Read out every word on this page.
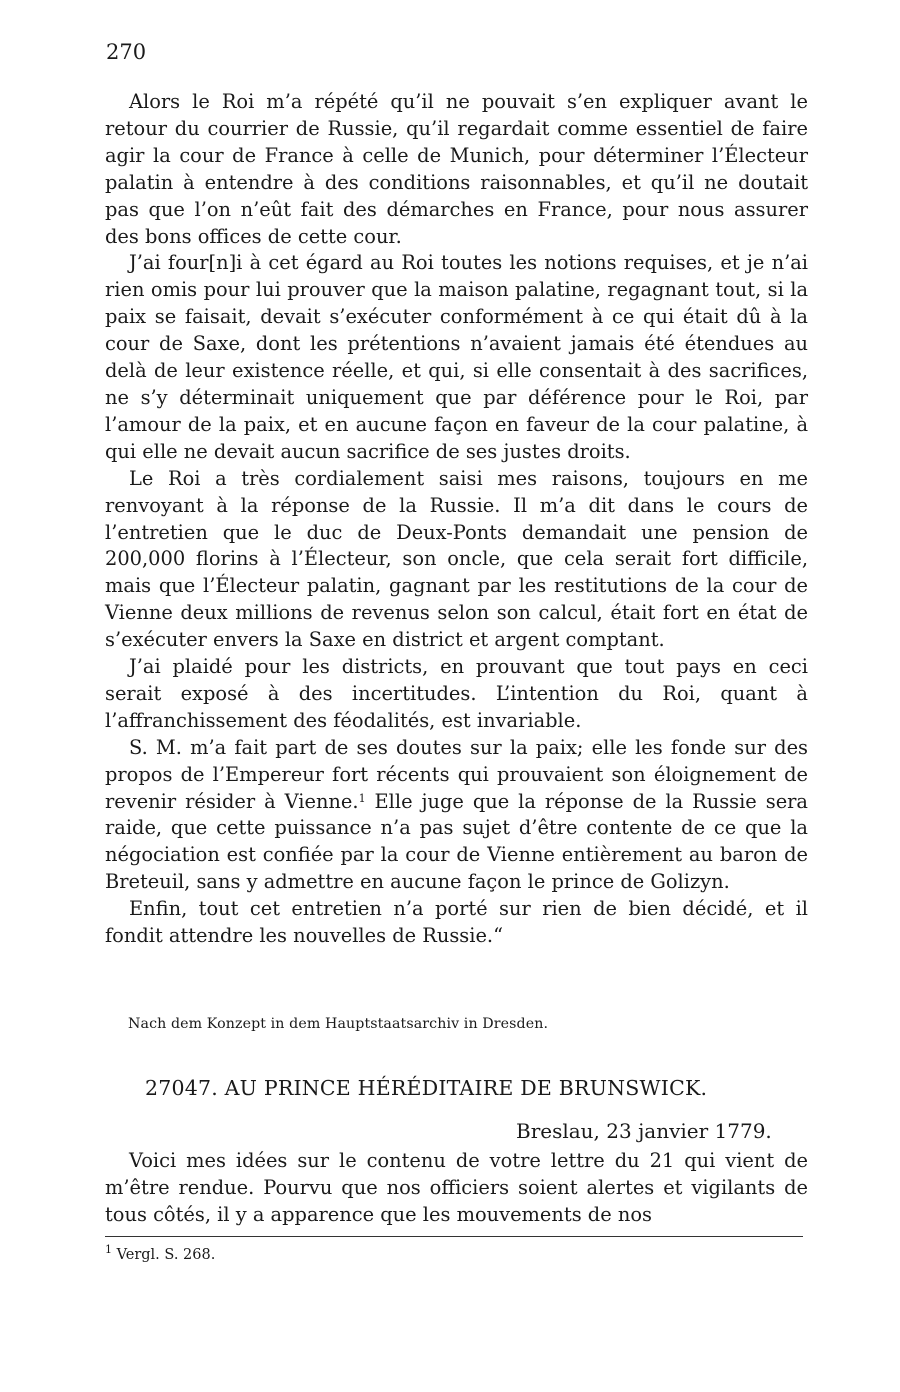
270

Alors le Roi m’a répété qu’il ne pouvait s’en expliquer avant le retour du courrier de Russie, qu’il regardait comme essentiel de faire agir la cour de France à celle de Munich, pour déterminer l’Électeur palatin à entendre à des conditions raisonnables, et qu’il ne doutait pas que l’on n’eût fait des démarches en France, pour nous assurer des bons offices de cette cour.

J’ai four[n]i à cet égard au Roi toutes les notions requises, et je n’ai rien omis pour lui prouver que la maison palatine, regagnant tout, si la paix se faisait, devait s’exécuter conformément à ce qui était dû à la cour de Saxe, dont les prétentions n’avaient jamais été étendues au delà de leur existence réelle, et qui, si elle consentait à des sacrifices, ne s’y déterminait uniquement que par déférence pour le Roi, par l’amour de la paix, et en aucune façon en faveur de la cour palatine, à qui elle ne devait aucun sacrifice de ses justes droits.

Le Roi a très cordialement saisi mes raisons, toujours en me renvoyant à la réponse de la Russie. Il m’a dit dans le cours de l’entretien que le duc de Deux-Ponts demandait une pension de 200,000 florins à l’Électeur, son oncle, que cela serait fort difficile, mais que l’Électeur palatin, gagnant par les restitutions de la cour de Vienne deux millions de revenus selon son calcul, était fort en état de s’exécuter envers la Saxe en district et argent comptant.

J’ai plaidé pour les districts, en prouvant que tout pays en ceci serait exposé à des incertitudes. L’intention du Roi, quant à l’affranchissement des féodalités, est invariable.

S. M. m’a fait part de ses doutes sur la paix; elle les fonde sur des propos de l’Empereur fort récents qui prouvaient son éloignement de revenir résider à Vienne.$^1$ Elle juge que la réponse de la Russie sera raide, que cette puissance n’a pas sujet d’être contente de ce que la négociation est confiée par la cour de Vienne entièrement au baron de Breteuil, sans y admettre en aucune façon le prince de Golizyn.

Enfin, tout cet entretien n’a porté sur rien de bien décidé, et il fondit attendre les nouvelles de Russie.“

Nach dem Konzept in dem Hauptstaatsarchiv in Dresden.
27047. AU PRINCE HÉRÉDITAIRE DE BRUNSWICK.
Breslau, 23 janvier 1779.

Voici mes idées sur le contenu de votre lettre du 21 qui vient de m’être rendue. Pourvu que nos officiers soient alertes et vigilants de tous côtés, il y a apparence que les mouvements de nos

$^1$ Vergl. S. 268.
